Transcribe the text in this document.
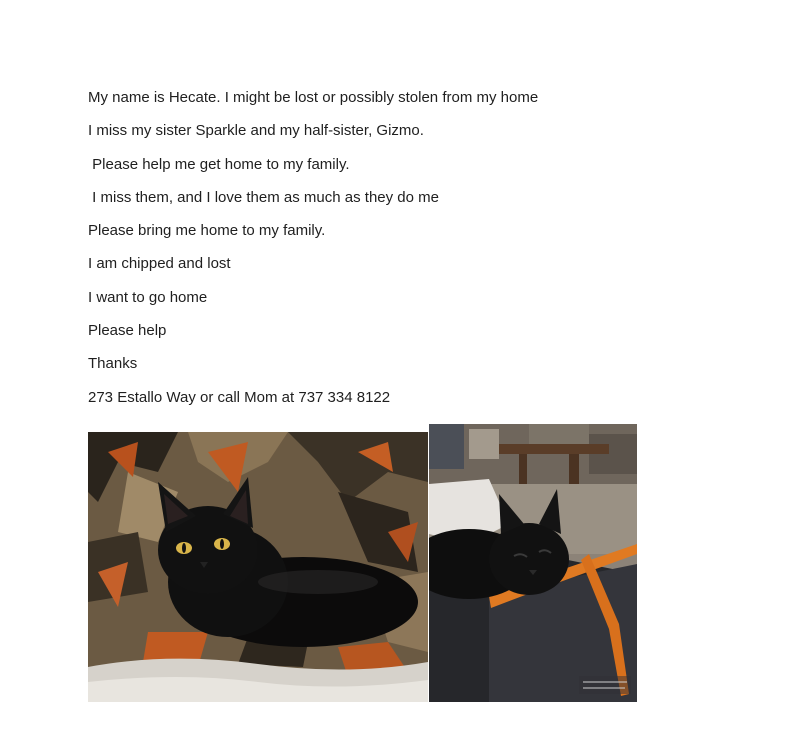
My name is Hecate. I might be lost or possibly stolen from my home
I miss my sister Sparkle and my half-sister, Gizmo.
Please help me get home to my family.
I miss them, and I love them as much as they do me
Please bring me home to my family.
I am chipped and lost
I want to go home
Please help
Thanks
273 Estallo Way or call Mom at 737 334 8122
